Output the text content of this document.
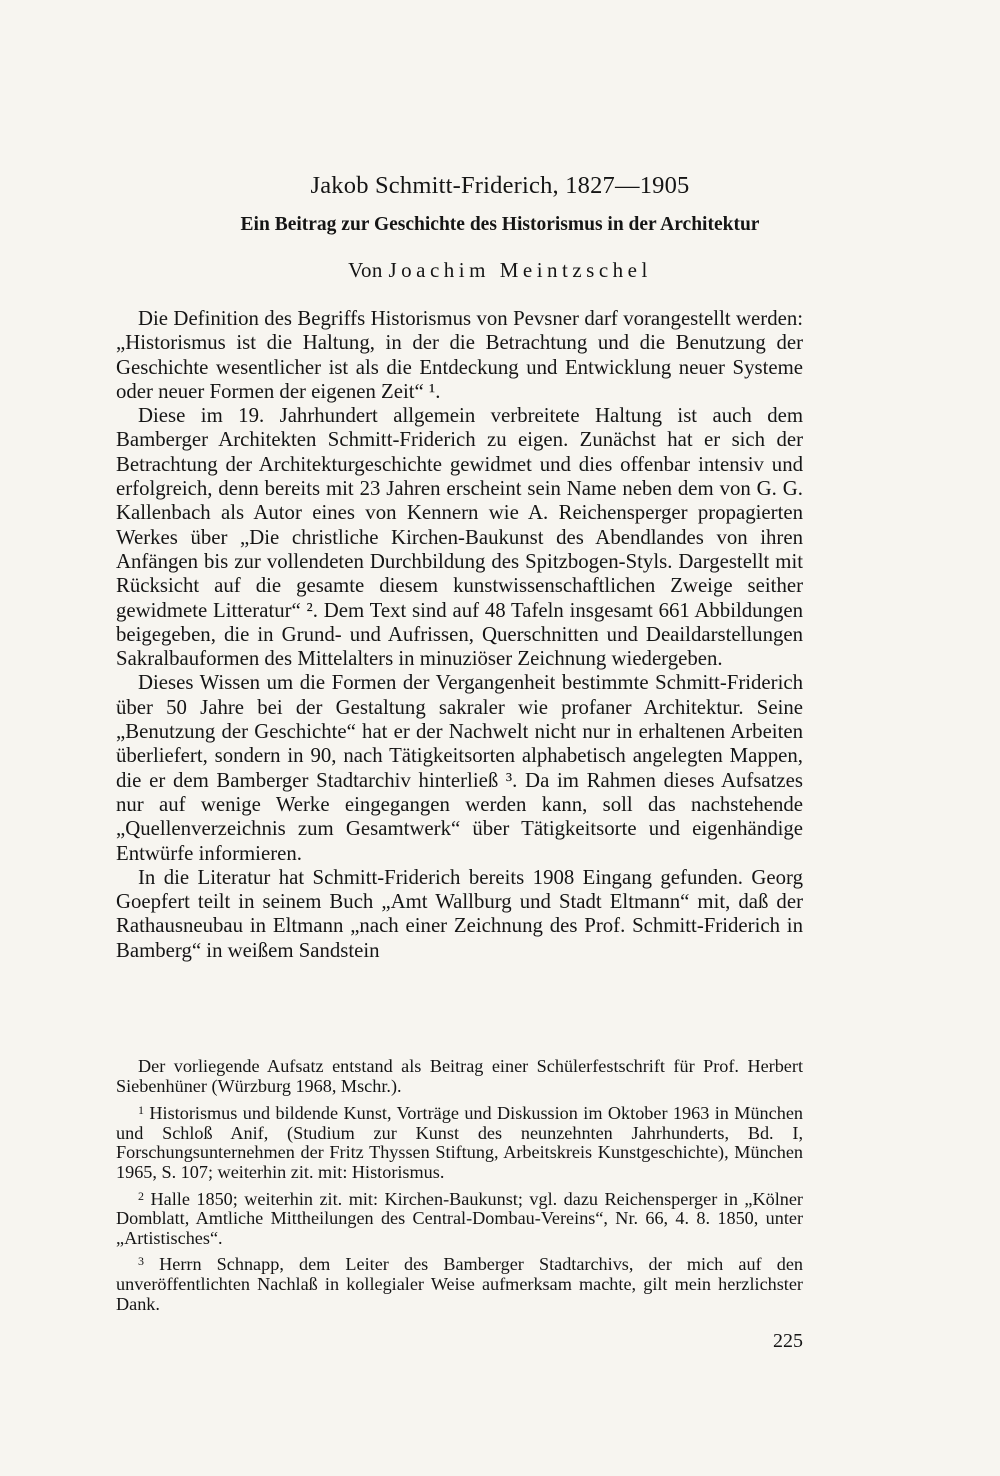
Jakob Schmitt-Friderich, 1827—1905
Ein Beitrag zur Geschichte des Historismus in der Architektur
Von Joachim Meintzschel

Die Definition des Begriffs Historismus von Pevsner darf vorangestellt werden: „Historismus ist die Haltung, in der die Betrachtung und die Benutzung der Geschichte wesentlicher ist als die Entdeckung und Entwicklung neuer Systeme oder neuer Formen der eigenen Zeit“ ¹.

Diese im 19. Jahrhundert allgemein verbreitete Haltung ist auch dem Bamberger Architekten Schmitt-Friderich zu eigen. Zunächst hat er sich der Betrachtung der Architekturgeschichte gewidmet und dies offenbar intensiv und erfolgreich, denn bereits mit 23 Jahren erscheint sein Name neben dem von G. G. Kallenbach als Autor eines von Kennern wie A. Reichensperger propagierten Werkes über „Die christliche Kirchen-Baukunst des Abendlandes von ihren Anfängen bis zur vollendeten Durchbildung des Spitzbogen-Styls. Dargestellt mit Rücksicht auf die gesamte diesem kunstwissenschaftlichen Zweige seither gewidmete Litteratur“ ². Dem Text sind auf 48 Tafeln insgesamt 661 Abbildungen beigegeben, die in Grund- und Aufrissen, Querschnitten und Deaildarstellungen Sakralbauformen des Mittelalters in minuziöser Zeichnung wiedergeben.

Dieses Wissen um die Formen der Vergangenheit bestimmte Schmitt-Friderich über 50 Jahre bei der Gestaltung sakraler wie profaner Architektur. Seine „Benutzung der Geschichte“ hat er der Nachwelt nicht nur in erhaltenen Arbeiten überliefert, sondern in 90, nach Tätigkeitsorten alphabetisch angelegten Mappen, die er dem Bamberger Stadtarchiv hinterließ ³. Da im Rahmen dieses Aufsatzes nur auf wenige Werke eingegangen werden kann, soll das nachstehende „Quellenverzeichnis zum Gesamtwerk“ über Tätigkeitsorte und eigenhändige Entwürfe informieren.

In die Literatur hat Schmitt-Friderich bereits 1908 Eingang gefunden. Georg Goepfert teilt in seinem Buch „Amt Wallburg und Stadt Eltmann“ mit, daß der Rathausneubau in Eltmann „nach einer Zeichnung des Prof. Schmitt-Friderich in Bamberg“ in weißem Sandstein

Der vorliegende Aufsatz entstand als Beitrag einer Schülerfestschrift für Prof. Herbert Siebenhüner (Würzburg 1968, Mschr.).

$^1$ Historismus und bildende Kunst, Vorträge und Diskussion im Oktober 1963 in München und Schloß Anif, (Studium zur Kunst des neunzehnten Jahrhunderts, Bd. I, Forschungsunternehmen der Fritz Thyssen Stiftung, Arbeitskreis Kunstgeschichte), München 1965, S. 107; weiterhin zit. mit: Historismus.

$^2$ Halle 1850; weiterhin zit. mit: Kirchen-Baukunst; vgl. dazu Reichensperger in „Kölner Domblatt, Amtliche Mittheilungen des Central-Dombau-Vereins“, Nr. 66, 4. 8. 1850, unter „Artistisches“.

$^3$ Herrn Schnapp, dem Leiter des Bamberger Stadtarchivs, der mich auf den unveröffentlichten Nachlaß in kollegialer Weise aufmerksam machte, gilt mein herzlichster Dank.

225
